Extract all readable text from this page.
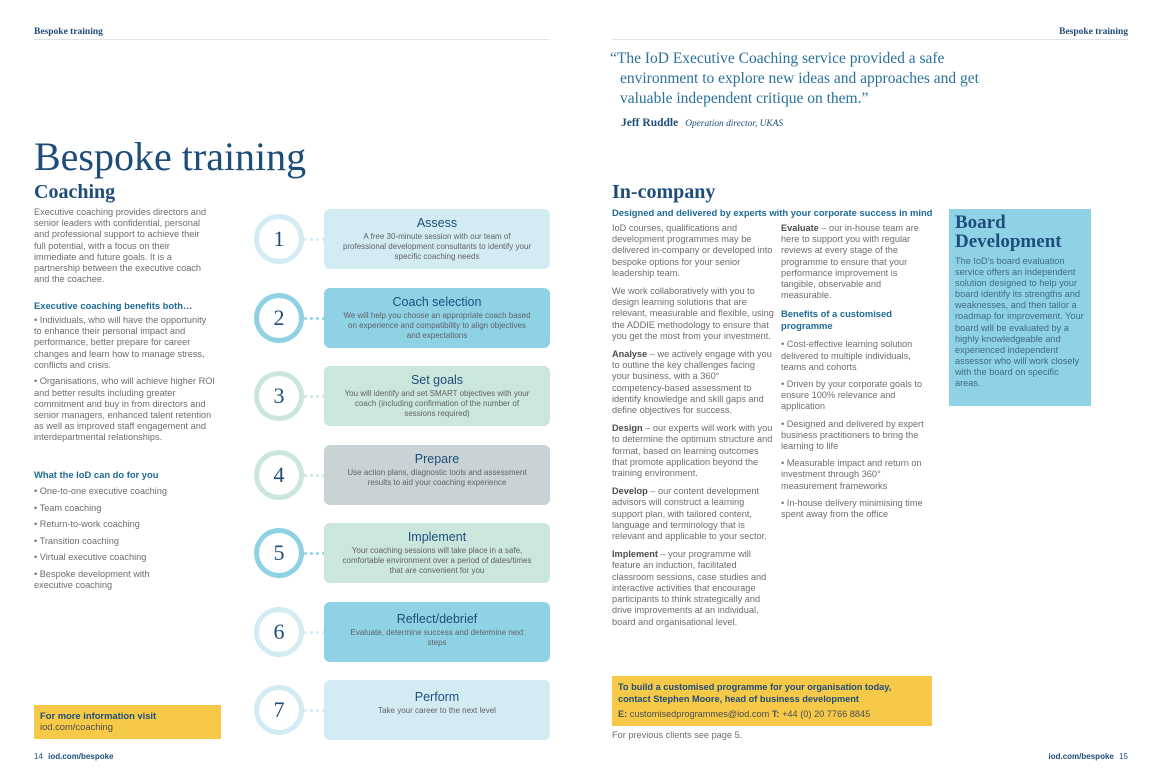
Bespoke training
Bespoke training
Coaching
Executive coaching provides directors and senior leaders with confidential, personal and professional support to achieve their full potential, with a focus on their immediate and future goals. It is a partnership between the executive coach and the coachee.
Executive coaching benefits both…
• Individuals, who will have the opportunity to enhance their personal impact and performance, better prepare for career changes and learn how to manage stress, conflicts and crisis.
• Organisations, who will achieve higher ROI and better results including greater commitment and buy in from directors and senior managers, enhanced talent retention as well as improved staff engagement and interdepartmental relationships.
What the IoD can do for you
• One-to-one executive coaching
• Team coaching
• Return-to-work coaching
• Transition coaching
• Virtual executive coaching
• Bespoke development with executive coaching
For more information visit
iod.com/coaching
14 iod.com/bespoke
1
Assess
A free 30-minute session with our team of professional development consultants to identify your specific coaching needs
2
Coach selection
We will help you choose an appropriate coach based on experience and compatibility to align objectives and expectations
3
Set goals
You will identify and set SMART objectives with your coach (including confirmation of the number of sessions required)
4
Prepare
Use action plans, diagnostic tools and assessment results to aid your coaching experience
5
Implement
Your coaching sessions will take place in a safe, comfortable environment over a period of dates/times that are convenient for you
6	Reflect/debrief
Evaluate, determine success and determine next steps
7	Perform
Take your career to the next level
Bespoke training
“The IoD Executive Coaching service provided a safe environment to explore new ideas and approaches and get valuable independent critique on them.”
Jeff Ruddle Operation director, UKAS
In-company
Designed and delivered by experts with your corporate success in mind

IoD courses, qualifications and development programmes may be delivered in-company or developed into bespoke options for your senior leadership team.

We work collaboratively with you to design learning solutions that are relevant, measurable and flexible, using the ADDIE methodology to ensure that you get the most from your investment.

Analyse – we actively engage with you to outline the key challenges facing your business, with a 360° competency-based assessment to identify knowledge and skill gaps and define objectives for success.

Design – our experts will work with you to determine the optimum structure and format, based on learning outcomes that promote application beyond the training environment.

Develop – our content development advisors will construct a learning support plan, with tailored content, language and terminology that is relevant and applicable to your sector.

Implement – your programme will feature an induction, facilitated classroom sessions, case studies and interactive activities that encourage participants to think strategically and drive improvements at an individual, board and organisational level.

Evaluate – our in-house team are here to support you with regular reviews at every stage of the programme to ensure that your performance improvement is tangible, observable and measurable.

Benefits of a customised programme

• Cost-effective learning solution delivered to multiple individuals, teams and cohorts
• Driven by your corporate goals to ensure 100% relevance and application
• Designed and delivered by expert business practitioners to bring the learning to life
• Measurable impact and return on investment through 360° measurement frameworks
• In-house delivery minimising time spent away from the office
Board Development
The IoD's board evaluation service offers an independent solution designed to help your board identify its strengths and weaknesses, and then tailor a roadmap for improvement. Your board will be evaluated by a highly knowledgeable and experienced independent assessor who will work closely with the board on specific areas.
To build a customised programme for your organisation today, contact Stephen Moore, head of business development
E: customisedprogrammes@iod.com T: +44 (0) 20 7766 8845
For previous clients see page 5.
iod.com/bespoke 15
